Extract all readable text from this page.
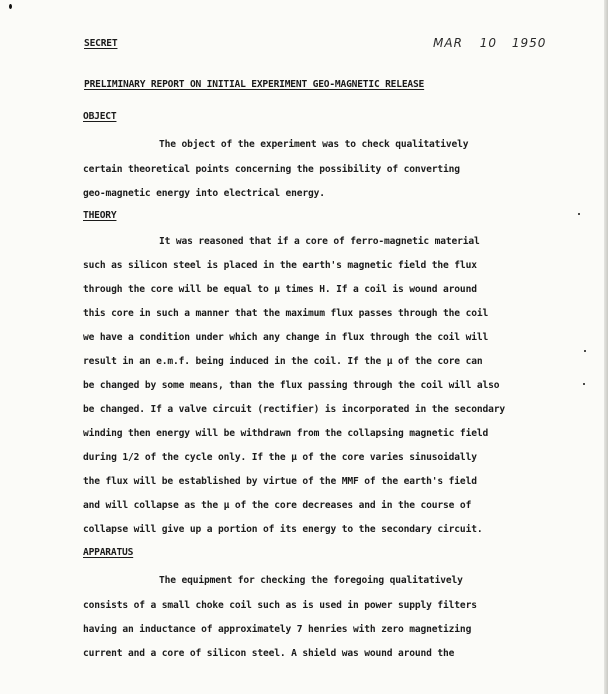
SECRET	MAR 10 1950
PRELIMINARY REPORT ON INITIAL EXPERIMENT GEO-MAGNETIC RELEASE
OBJECT
The object of the experiment was to check qualitatively
certain theoretical points concerning the possibility of converting
geo-magnetic energy into electrical energy.
THEORY
It was reasoned that if a core of ferro-magnetic material
such as silicon steel is placed in the earth's magnetic field the flux
through the core will be equal to μ times H. If a coil is wound around
this core in such a manner that the maximum flux passes through the coil
we have a condition under which any change in flux through the coil will
result in an e.m.f. being induced in the coil. If the μ of the core can
be changed by some means, than the flux passing through the coil will also
be changed. If a valve circuit (rectifier) is incorporated in the secondary
winding then energy will be withdrawn from the collapsing magnetic field
during 1/2 of the cycle only. If the μ of the core varies sinusoidally
the flux will be established by virtue of the MMF of the earth's field
and will collapse as the μ of the core decreases and in the course of
collapse will give up a portion of its energy to the secondary circuit.
APPARATUS
The equipment for checking the foregoing qualitatively
consists of a small choke coil such as is used in power supply filters
having an inductance of approximately 7 henries with zero magnetizing
current and a core of silicon steel. A shield was wound around the
